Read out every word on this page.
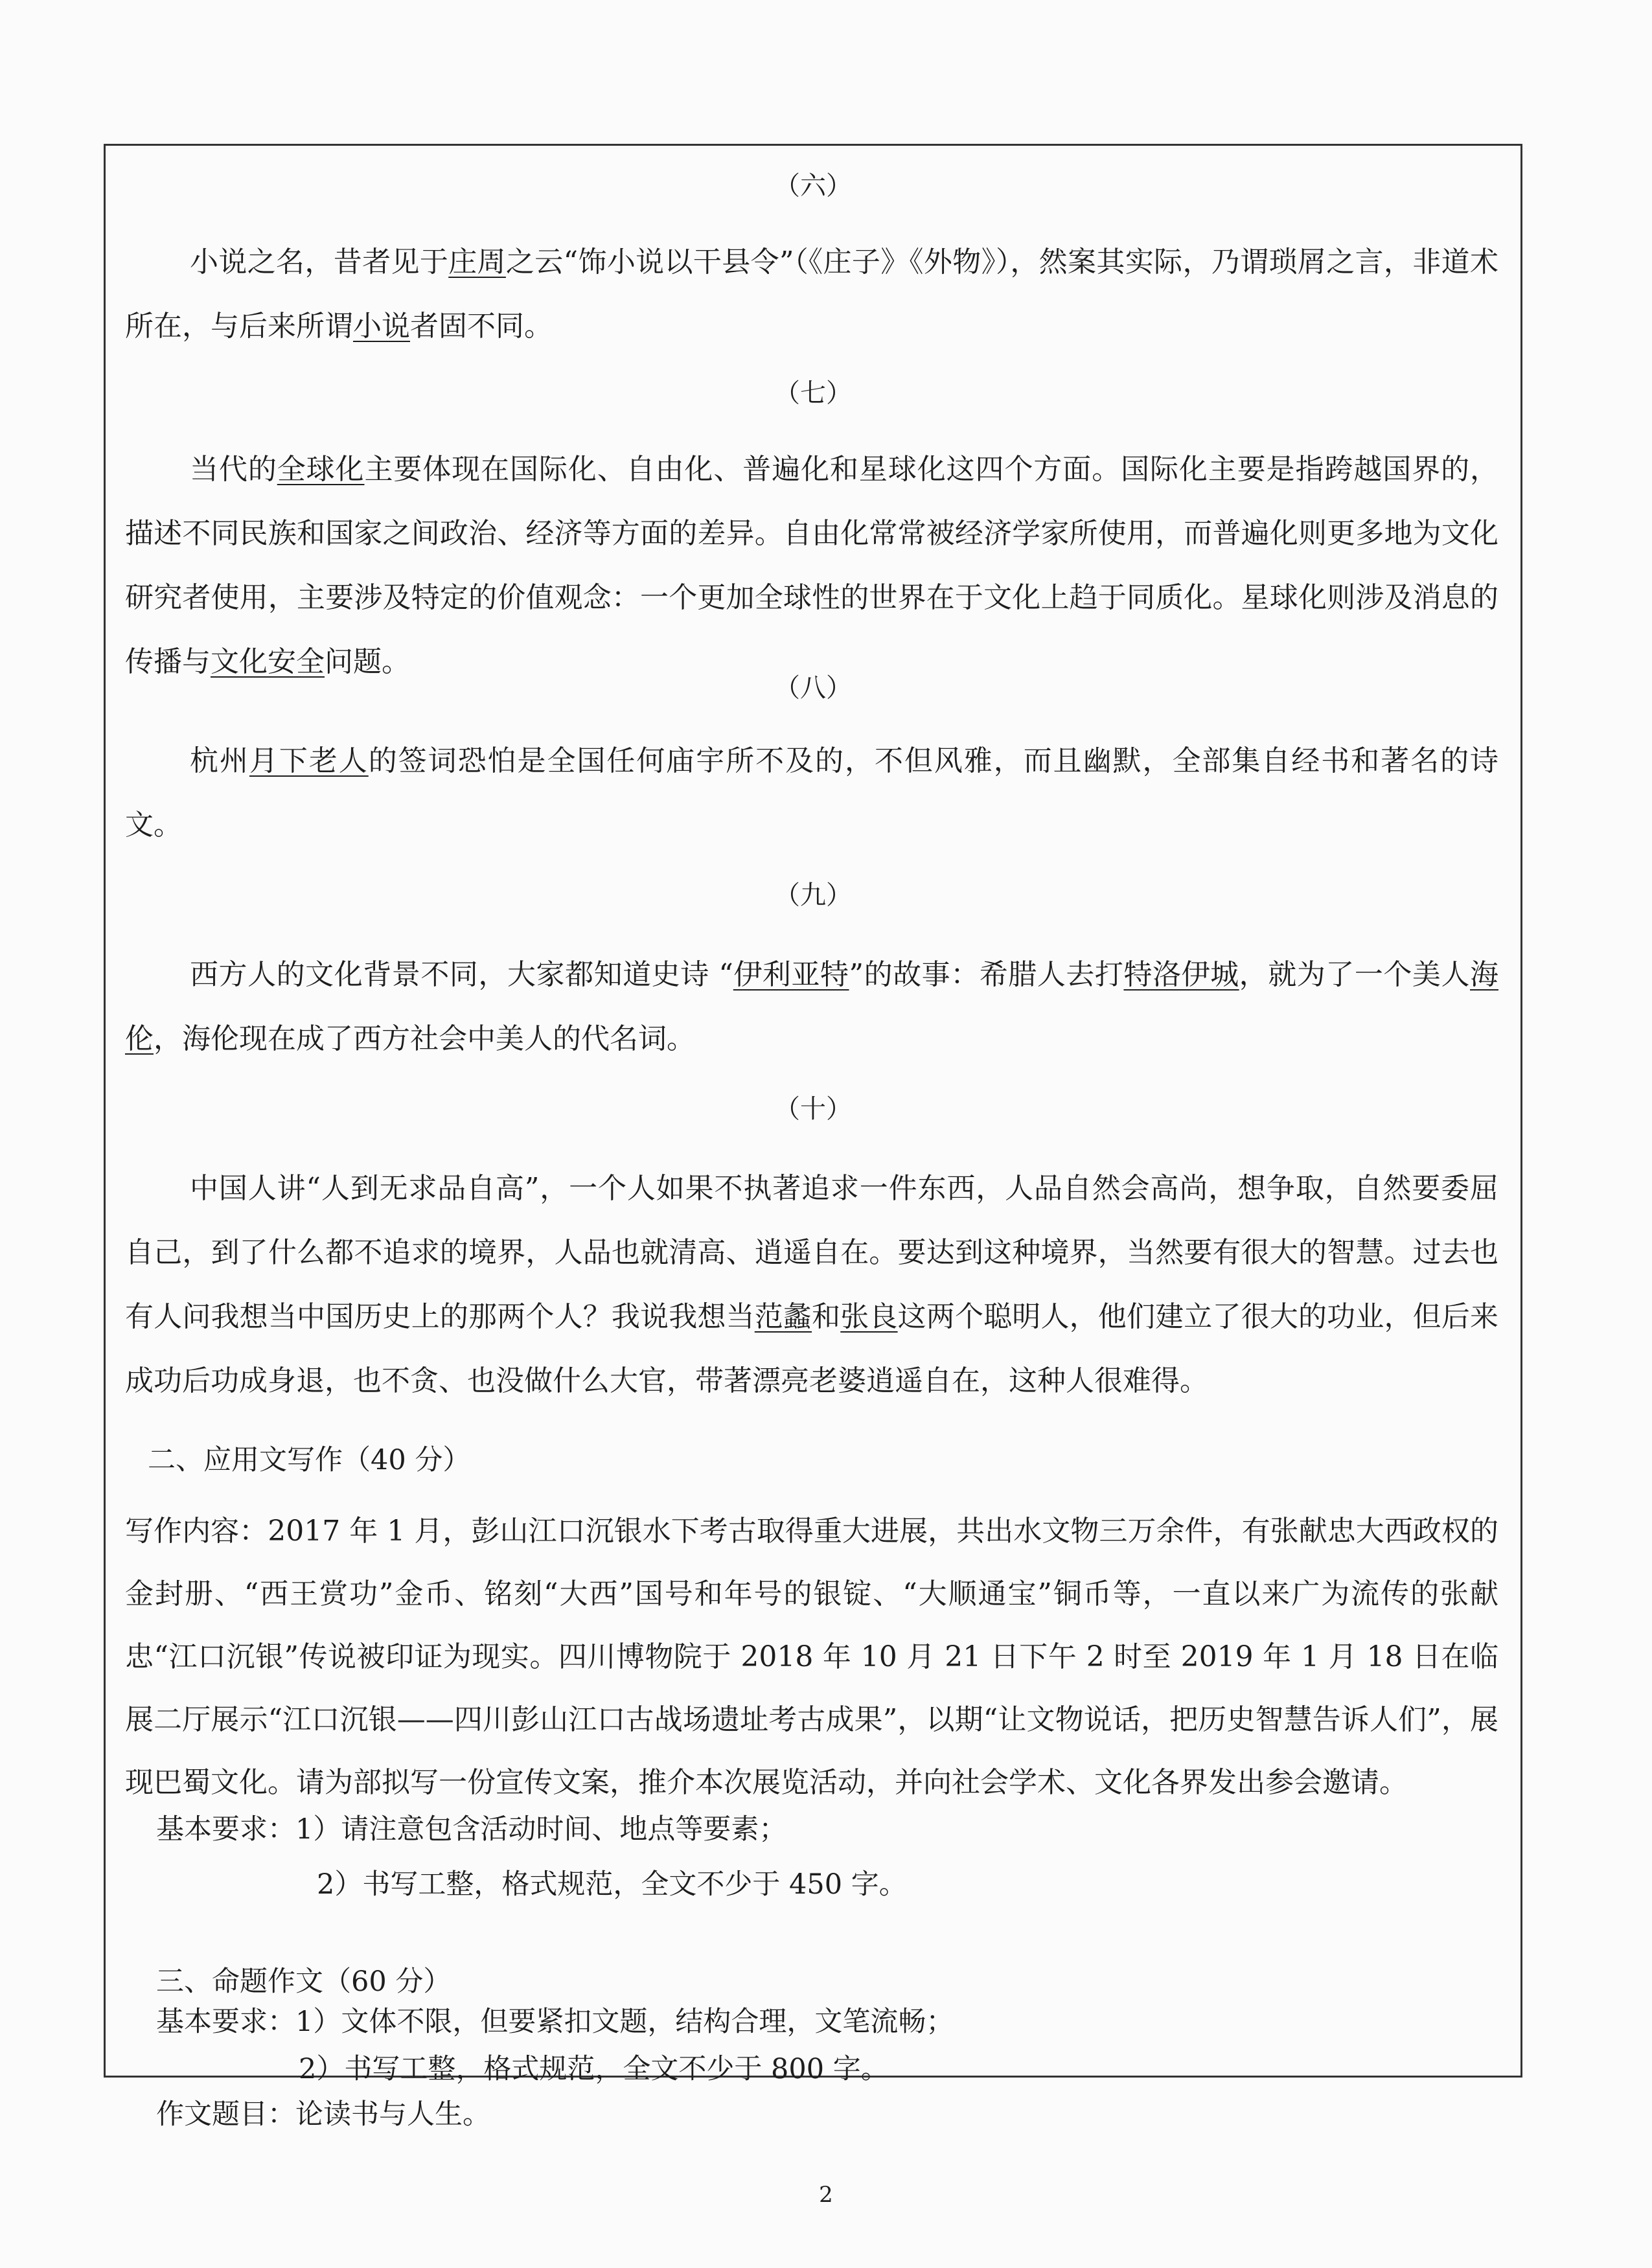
（六）

小说之名，昔者见于庄周之云“饰小说以干县令”（《庄子》《外物》），然案其实际，乃谓琐屑之言，非道术所在，与后来所谓小说者固不同。

（七）

当代的全球化主要体现在国际化、自由化、普遍化和星球化这四个方面。国际化主要是指跨越国界的，描述不同民族和国家之间政治、经济等方面的差异。自由化常常被经济学家所使用，而普遍化则更多地为文化研究者使用，主要涉及特定的价值观念：一个更加全球性的世界在于文化上趋于同质化。星球化则涉及消息的传播与文化安全问题。

（八）

杭州月下老人的签词恐怕是全国任何庙宇所不及的，不但风雅，而且幽默，全部集自经书和著名的诗文。

（九）

西方人的文化背景不同，大家都知道史诗 “伊利亚特”的故事：希腊人去打特洛伊城，就为了一个美人海伦，海伦现在成了西方社会中美人的代名词。

（十）

中国人讲“人到无求品自高”，一个人如果不执著追求一件东西，人品自然会高尚，想争取，自然要委屈自己，到了什么都不追求的境界，人品也就清高、逍遥自在。要达到这种境界，当然要有很大的智慧。过去也有人问我想当中国历史上的那两个人？我说我想当范蠡和张良这两个聪明人，他们建立了很大的功业，但后来成功后功成身退，也不贪、也没做什么大官，带著漂亮老婆逍遥自在，这种人很难得。

二、应用文写作（40 分）

写作内容：2017 年 1 月，彭山江口沉银水下考古取得重大进展，共出水文物三万余件，有张献忠大西政权的金封册、“西王赏功”金币、铭刻“大西”国号和年号的银锭、“大顺通宝”铜币等，一直以来广为流传的张献忠“江口沉银”传说被印证为现实。四川博物院于 2018 年 10 月 21 日下午 2 时至 2019 年 1 月 18 日在临展二厅展示“江口沉银——四川彭山江口古战场遗址考古成果”，以期“让文物说话，把历史智慧告诉人们”，展现巴蜀文化。请为部拟写一份宣传文案，推介本次展览活动，并向社会学术、文化各界发出参会邀请。

基本要求：1）请注意包含活动时间、地点等要素；
2）书写工整，格式规范，全文不少于 450 字。
三、命题作文（60 分）
基本要求：1）文体不限，但要紧扣文题，结构合理，文笔流畅；
2）书写工整，格式规范，全文不少于 800 字。
作文题目：论读书与人生。
2
